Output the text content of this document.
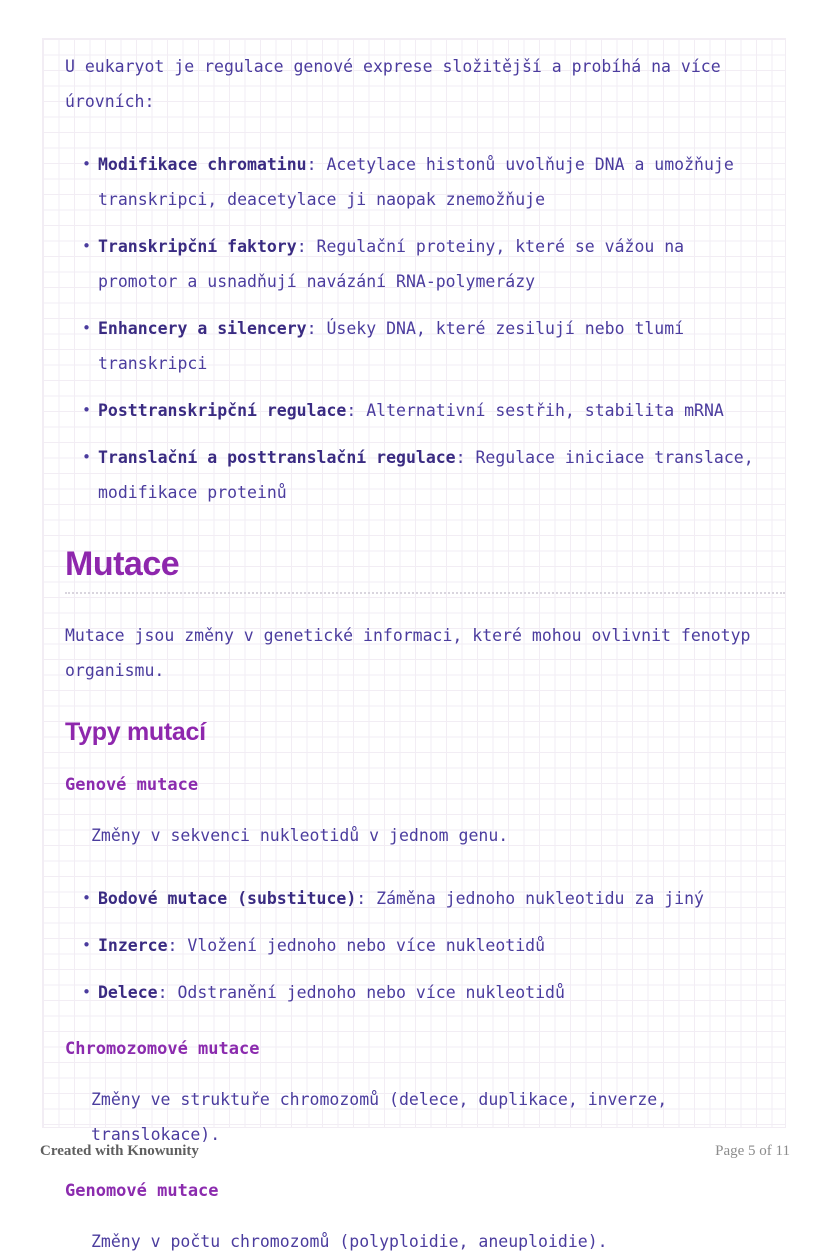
U eukaryot je regulace genové exprese složitější a probíhá na více úrovních:

• Modifikace chromatinu: Acetylace histonů uvolňuje DNA a umožňuje transkripci, deacetylace ji naopak znemožňuje
• Transkripční faktory: Regulační proteiny, které se vážou na promotor a usnadňují navázání RNA-polymerázy
• Enhancery a silencery: Úseky DNA, které zesilují nebo tlumí transkripci
• Posttranskripční regulace: Alternativní sestřih, stabilita mRNA
• Translační a posttranslační regulace: Regulace iniciace translace, modifikace proteinů
Mutace

Mutace jsou změny v genetické informaci, které mohou ovlivnit fenotyp organismu.

Typy mutací
Genové mutace

Změny v sekvenci nukleotidů v jednom genu.

• Bodové mutace (substituce): Záměna jednoho nukleotidu za jiný
• Inzerce: Vložení jednoho nebo více nukleotidů
• Delece: Odstranění jednoho nebo více nukleotidů
Chromozomové mutace

Změny ve struktuře chromozomů (delece, duplikace, inverze, translokace).

Genomové mutace

Změny v počtu chromozomů (polyploidie, aneuploidie).

Created with Knowunity	Page 5 of 11
